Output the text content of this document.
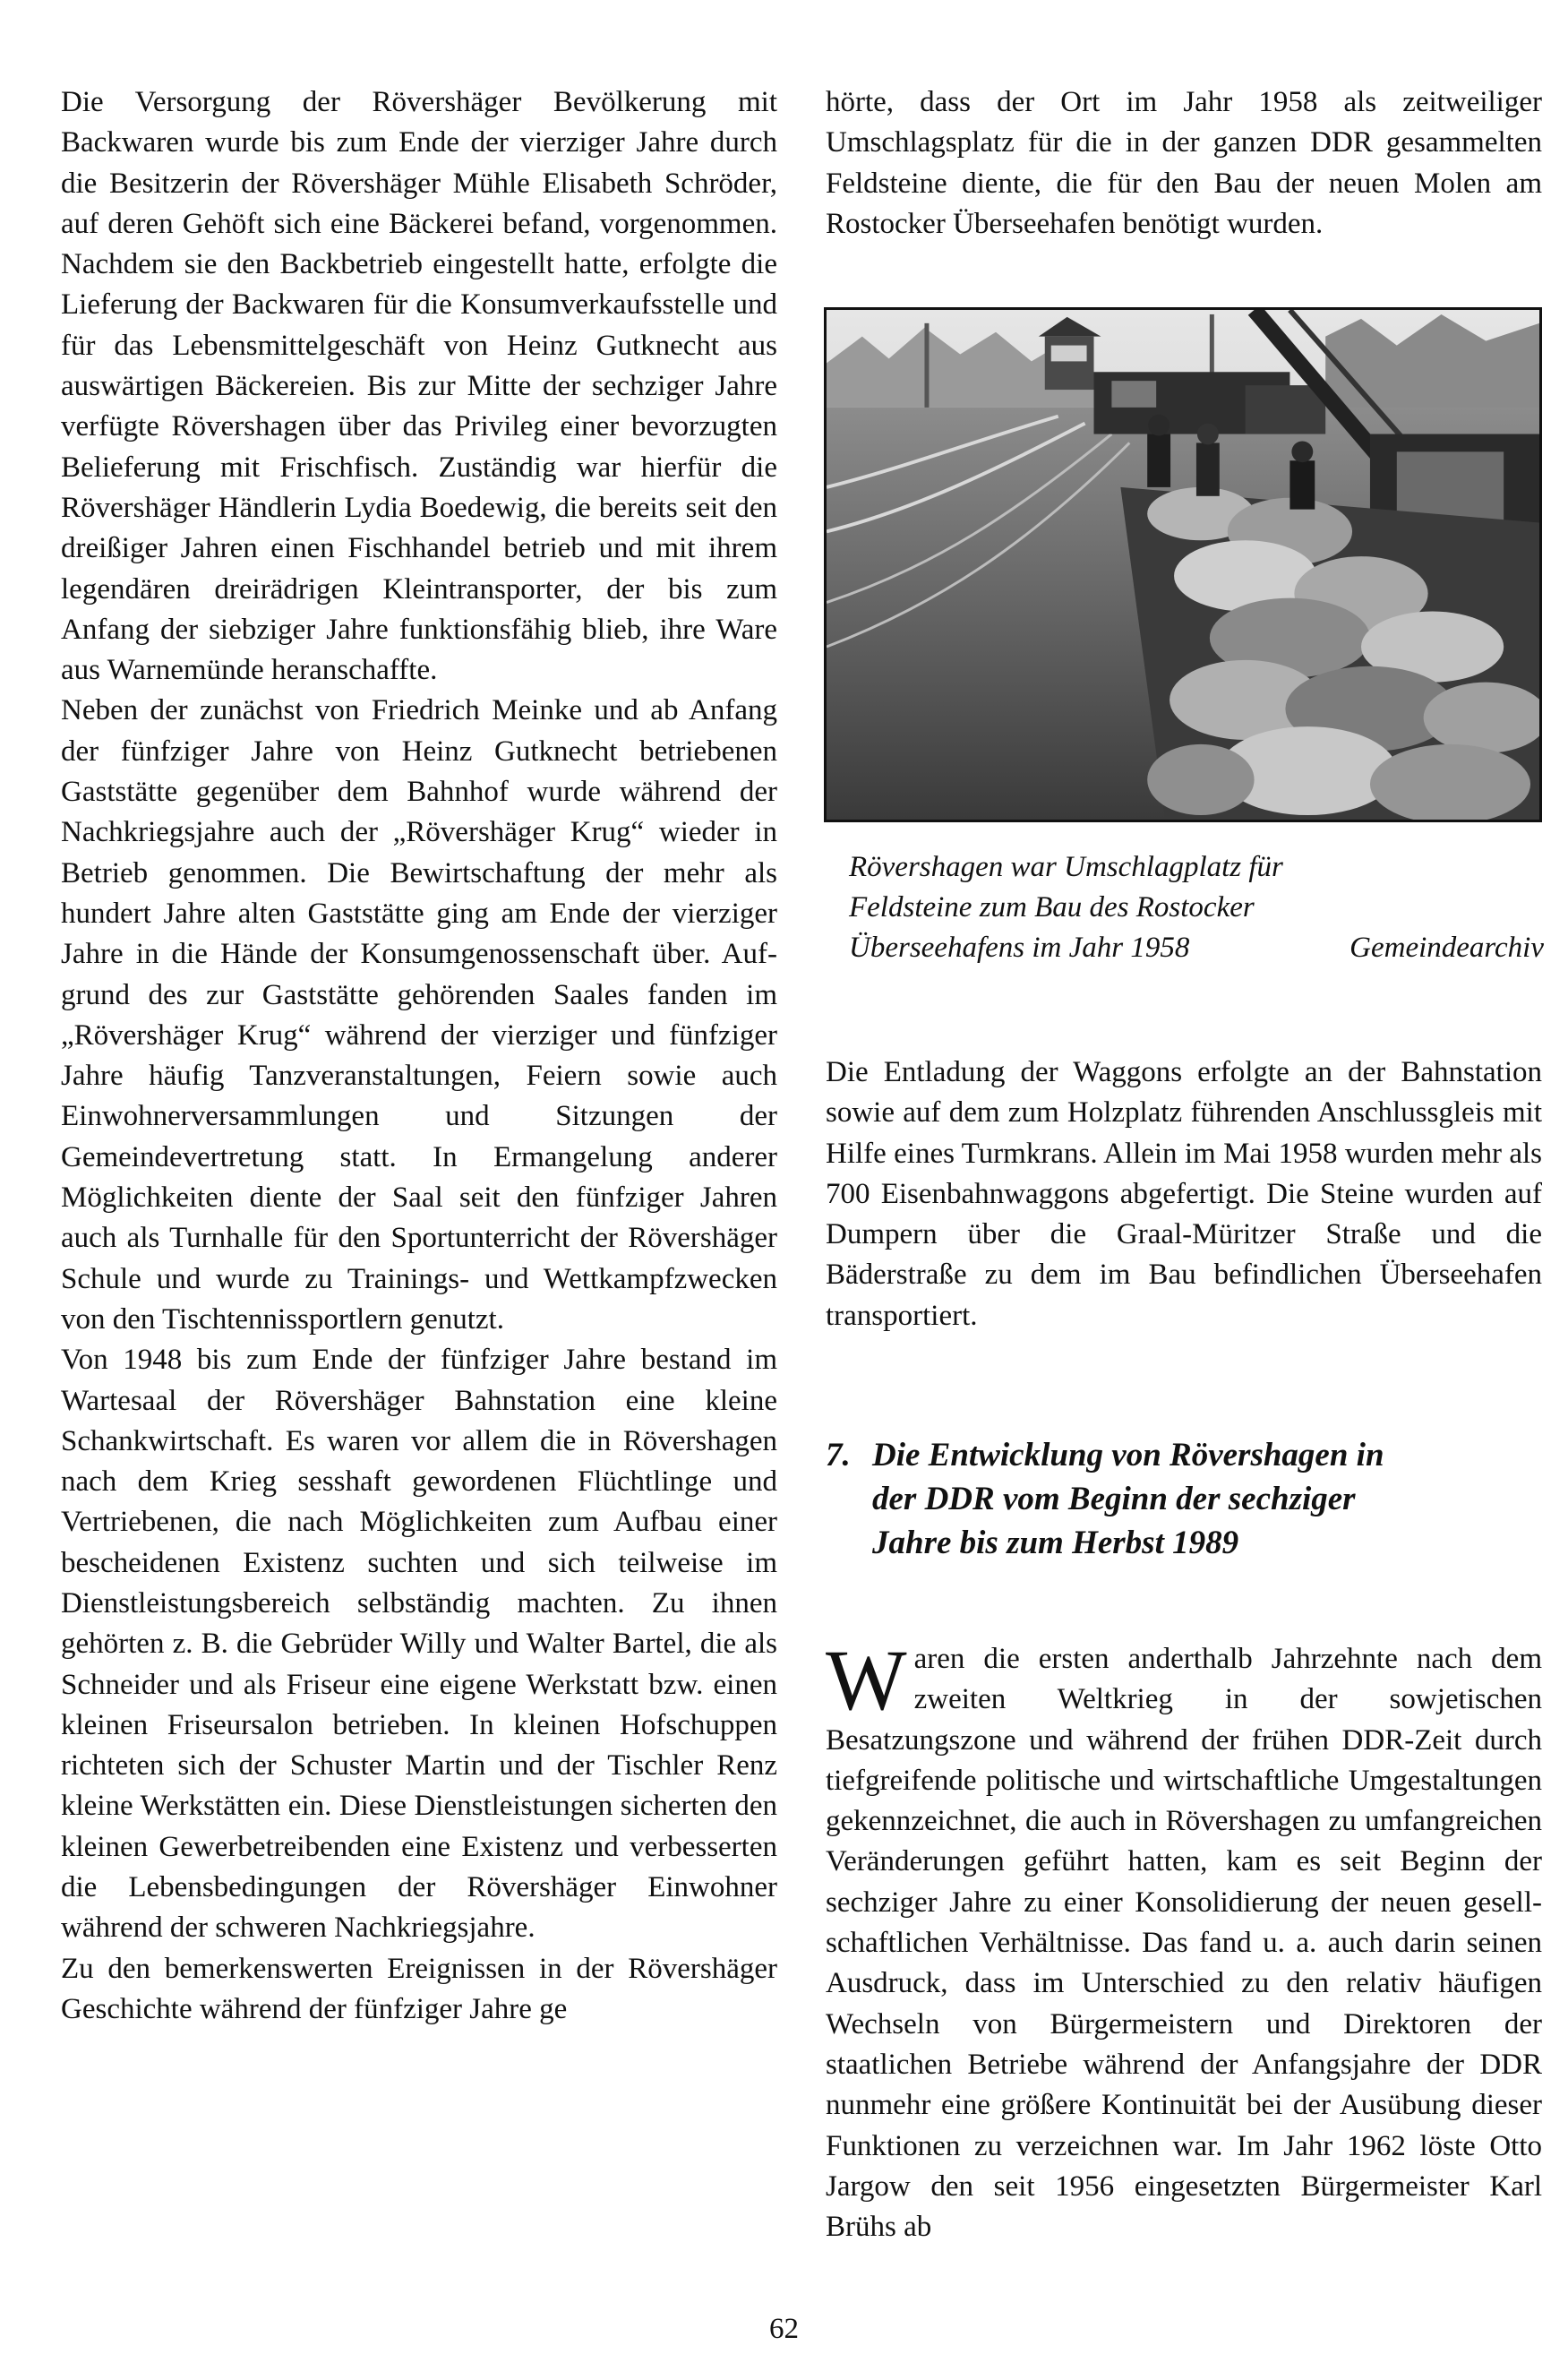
Die Versorgung der Rövershäger Bevölkerung mit Backwaren wurde bis zum Ende der vierziger Jahre durch die Besitzerin der Rövershäger Mühle Elisabeth Schröder, auf deren Gehöft sich eine Bäckerei befand, vorgenommen. Nachdem sie den Backbetrieb eingestellt hatte, erfolgte die Lieferung der Backwaren für die Konsumverkaufsstelle und für das Lebensmittelgeschäft von Heinz Gutknecht aus auswärtigen Bäckereien. Bis zur Mitte der sechziger Jahre verfügte Rövershagen über das Privileg einer bevorzugten Belieferung mit Frischfisch. Zuständig war hierfür die Rövershäger Händlerin Lydia Boedewig, die bereits seit den dreißiger Jahren einen Fischhandel betrieb und mit ihrem legendären dreirädrigen Kleintransporter, der bis zum Anfang der siebziger Jahre funktionsfähig blieb, ihre Ware aus Warnemünde heranschaffte.

Neben der zunächst von Friedrich Meinke und ab Anfang der fünfziger Jahre von Heinz Gutknecht betriebenen Gaststätte gegenüber dem Bahnhof wurde während der Nachkriegsjahre auch der „Rövershäger Krug“ wieder in Betrieb genommen. Die Bewirtschaftung der mehr als hundert Jahre alten Gaststätte ging am Ende der vierziger Jahre in die Hände der Konsumgenossenschaft über. Aufgrund des zur Gaststätte gehörenden Saales fanden im „Rövershäger Krug“ während der vierziger und fünfziger Jahre häufig Tanzveranstaltungen, Feiern sowie auch Einwohnerversammlungen und Sitzungen der Gemeindevertretung statt. In Ermangelung anderer Möglichkeiten diente der Saal seit den fünfziger Jahren auch als Turnhalle für den Sportunterricht der Rövershäger Schule und wurde zu Trainings- und Wettkampfzwecken von den Tischtennissportlern genutzt.

Von 1948 bis zum Ende der fünfziger Jahre bestand im Wartesaal der Rövershäger Bahnstation eine kleine Schankwirtschaft. Es waren vor allem die in Rövershagen nach dem Krieg sesshaft gewordenen Flüchtlinge und Vertriebenen, die nach Möglichkeiten zum Aufbau einer bescheidenen Existenz suchten und sich teilweise im Dienstleistungsbereich selbständig machten. Zu ihnen gehörten z. B. die Gebrüder Willy und Walter Bartel, die als Schneider und als Friseur eine eigene Werkstatt bzw. einen kleinen Friseursalon betrieben. In kleinen Hofschuppen richteten sich der Schuster Martin und der Tischler Renz kleine Werkstätten ein. Diese Dienstleistungen sicherten den kleinen Gewerbetreibenden eine Existenz und verbesserten die Lebensbedingungen der Rövershäger Einwohner während der schweren Nachkriegsjahre.

Zu den bemerkenswerten Ereignissen in der Rövershäger Geschichte während der fünfziger Jahre ge

hörte, dass der Ort im Jahr 1958 als zeitweiliger Umschlagsplatz für die in der ganzen DDR gesammelten Feldsteine diente, die für den Bau der neuen Molen am Rostocker Überseehafen benötigt wurden.

Rövershagen war Umschlagplatz für
Feldsteine zum Bau des Rostocker
Überseehafens im Jahr 1958	Gemeindearchiv

Die Entladung der Waggons erfolgte an der Bahnstation sowie auf dem zum Holzplatz führenden Anschlussgleis mit Hilfe eines Turmkrans. Allein im Mai 1958 wurden mehr als 700 Eisenbahnwaggons abgefertigt. Die Steine wurden auf Dumpern über die Graal-Müritzer Straße und die Bäderstraße zu dem im Bau befindlichen Überseehafen transportiert.

7. Die Entwicklung von Rövershagen in
der DDR vom Beginn der sechziger
Jahre bis zum Herbst 1989
W aren die ersten anderthalb Jahrzehnte nach dem zweiten Weltkrieg in der sowjetischen Besatzungszone und während der frühen DDR-Zeit durch tiefgreifende politische und wirtschaftliche Umgestaltungen gekennzeichnet, die auch in Rövershagen zu umfangreichen Veränderungen geführt hatten, kam es seit Beginn der sechziger Jahre zu einer Konsolidierung der neuen gesellschaftlichen Verhältnisse. Das fand u. a. auch darin seinen Ausdruck, dass im Unterschied zu den relativ häufigen Wechseln von Bürgermeistern und Direktoren der staatlichen Betriebe während der Anfangsjahre der DDR nunmehr eine größere Kontinuität bei der Ausübung dieser Funktionen zu verzeichnen war. Im Jahr 1962 löste Otto Jargow den seit 1956 eingesetzten Bürgermeister Karl Brühs ab
62
